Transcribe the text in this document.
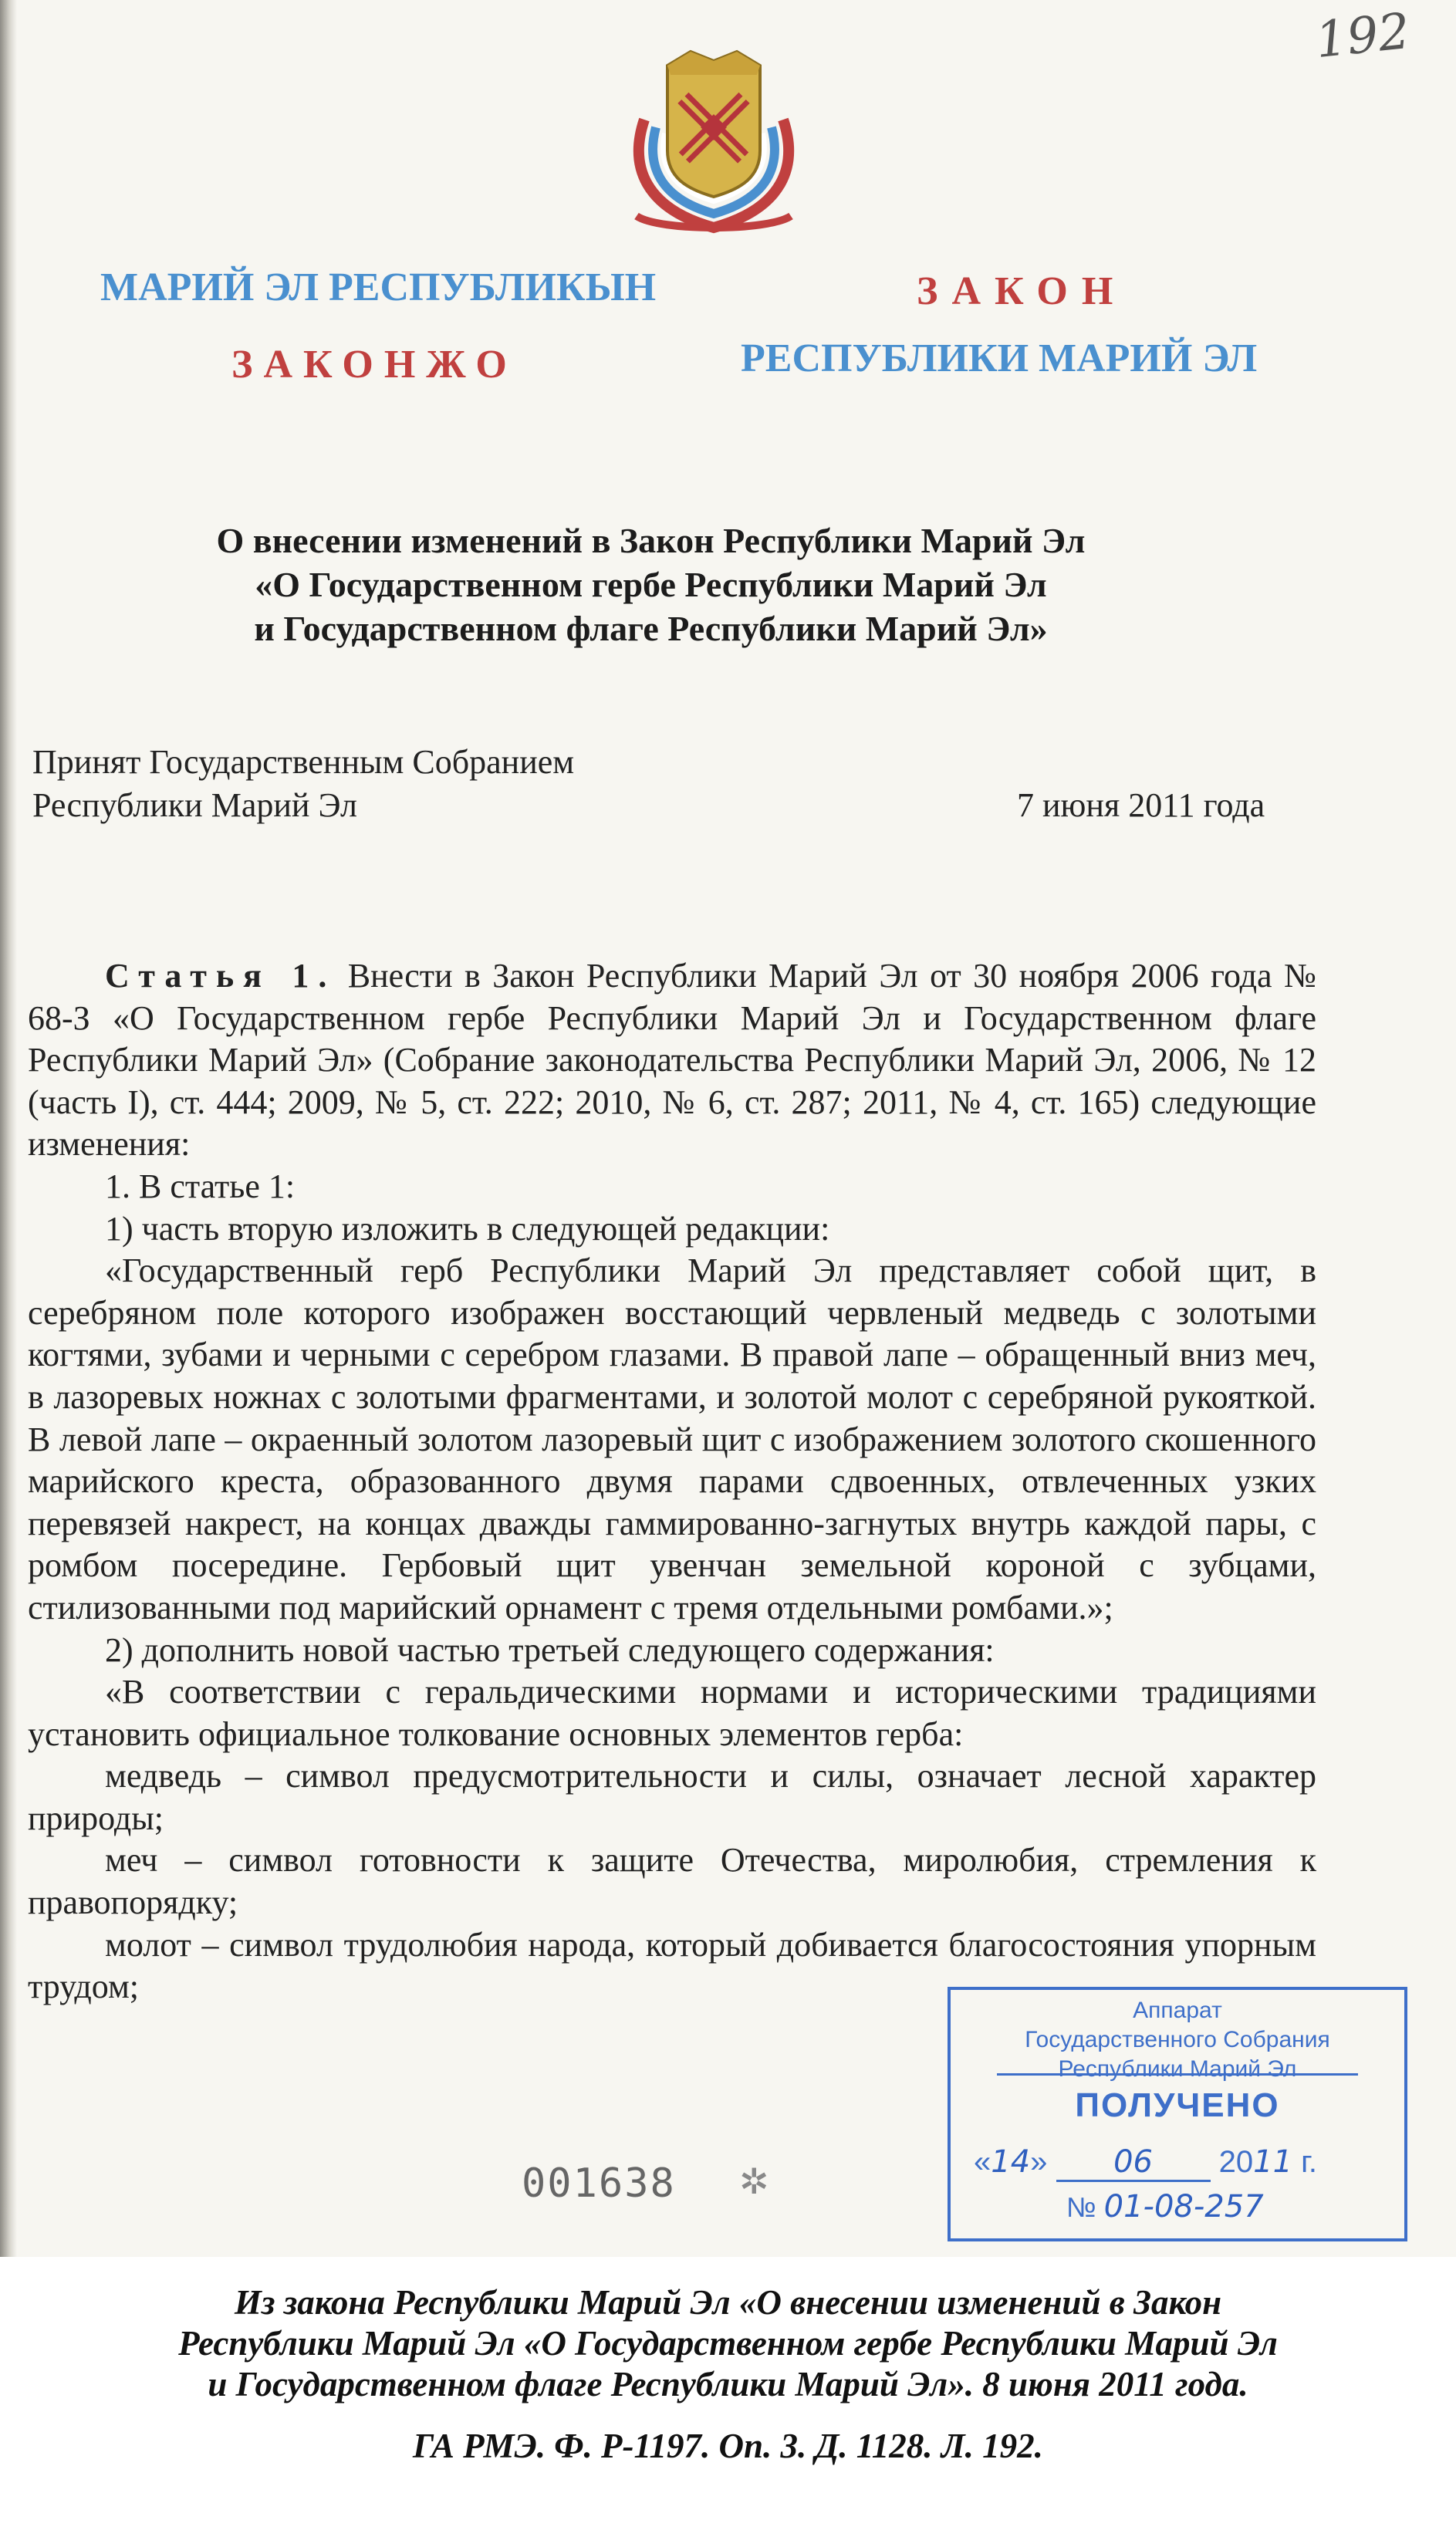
192
МАРИЙ ЭЛ РЕСПУБЛИКЫН
ЗАКОНЖО
ЗАКОН
РЕСПУБЛИКИ МАРИЙ ЭЛ
О внесении изменений в Закон Республики Марий Эл
«О Государственном гербе Республики Марий Эл
и Государственном флаге Республики Марий Эл»
Принят Государственным Собранием
Республики Марий Эл	7 июня 2011 года

Статья 1. Внести в Закон Республики Марий Эл от 30 ноября 2006 года № 68-З «О Государственном гербе Республики Марий Эл и Государственном флаге Республики Марий Эл» (Собрание законодательства Республики Марий Эл, 2006, № 12 (часть I), ст. 444; 2009, № 5, ст. 222; 2010, № 6, ст. 287; 2011, № 4, ст. 165) следующие изменения:

1. В статье 1:

1) часть вторую изложить в следующей редакции:

«Государственный герб Республики Марий Эл представляет собой щит, в серебряном поле которого изображен восстающий червленый медведь с золотыми когтями, зубами и черными с серебром глазами. В правой лапе – обращенный вниз меч, в лазоревых ножнах с золотыми фрагментами, и золотой молот с серебряной рукояткой. В левой лапе – окраенный золотом лазоревый щит с изображением золотого скошенного марийского креста, образованного двумя парами сдвоенных, отвлеченных узких перевязей накрест, на концах дважды гаммированно-загнутых внутрь каждой пары, с ромбом посередине. Гербовый щит увенчан земельной короной с зубцами, стилизованными под марийский орнамент с тремя отдельными ромбами.»;

2) дополнить новой частью третьей следующего содержания:

«В соответствии с геральдическими нормами и историческими традициями установить официальное толкование основных элементов герба:

медведь – символ предусмотрительности и силы, означает лесной характер природы;

меч – символ готовности к защите Отечества, миролюбия, стремления к правопорядку;

молот – символ трудолюбия народа, который добивается благосостояния упорным трудом;

001638 ✲
Аппарат
Государственного Собрания
Республики Марий Эл
ПОЛУЧЕНО
«14» 06 2011 г.
№ 01-08-257
Из закона Республики Марий Эл «О внесении изменений в Закон
Республики Марий Эл «О Государственном гербе Республики Марий Эл
и Государственном флаге Республики Марий Эл». 8 июня 2011 года.
ГА РМЭ. Ф. Р-1197. Оп. 3. Д. 1128. Л. 192.
